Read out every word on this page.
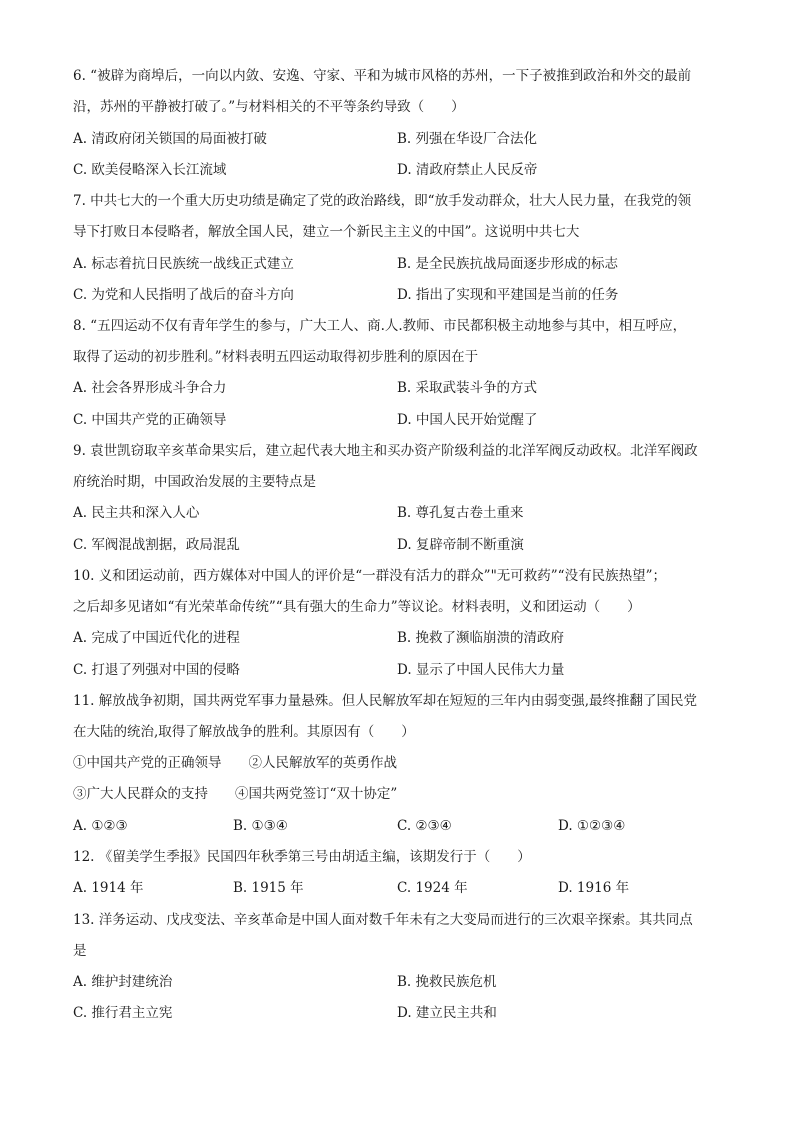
6. “被辟为商埠后，一向以内敛、安逸、守家、平和为城市风格的苏州，一下子被推到政治和外交的最前
沿，苏州的平静被打破了。”与材料相关的不平等条约导致（　　）
A. 清政府闭关锁国的局面被打破	B. 列强在华设厂合法化
C. 欧美侵略深入长江流域	D. 清政府禁止人民反帝
7. 中共七大的一个重大历史功绩是确定了党的政治路线，即“放手发动群众，壮大人民力量，在我党的领
导下打败日本侵略者，解放全国人民，建立一个新民主主义的中国”。这说明中共七大
A. 标志着抗日民族统一战线正式建立	B. 是全民族抗战局面逐步形成的标志
C. 为党和人民指明了战后的奋斗方向	D. 指出了实现和平建国是当前的任务
8. “五四运动不仅有青年学生的参与，广大工人、商.人.教师、市民都积极主动地参与其中，相互呼应，
取得了运动的初步胜利。”材料表明五四运动取得初步胜利的原因在于
A. 社会各界形成斗争合力	B. 采取武装斗争的方式
C. 中国共产党的正确领导	D. 中国人民开始觉醒了
9. 袁世凯窃取辛亥革命果实后，建立起代表大地主和买办资产阶级利益的北洋军阀反动政权。北洋军阀政
府统治时期，中国政治发展的主要特点是
A. 民主共和深入人心	B. 尊孔复古卷土重来
C. 军阀混战割据，政局混乱	D. 复辟帝制不断重演
10. 义和团运动前，西方媒体对中国人的评价是“一群没有活力的群众”"无可救药”“没有民族热望”；
之后却多见诸如“有光荣革命传统”“具有强大的生命力”等议论。材料表明，义和团运动（　　）
A. 完成了中国近代化的进程	B. 挽救了濒临崩溃的清政府
C. 打退了列强对中国的侵略	D. 显示了中国人民伟大力量
11. 解放战争初期，国共两党军事力量悬殊。但人民解放军却在短短的三年内由弱变强,最终推翻了国民党
在大陆的统治,取得了解放战争的胜利。其原因有（　　）
①中国共产党的正确领导　　②人民解放军的英勇作战
③广大人民群众的支持　　④国共两党签订“双十协定”
A. ①②③	B. ①③④	C. ②③④	D. ①②③④
12. 《留美学生季报》民国四年秋季第三号由胡适主编，该期发行于（　　）
A. 1914 年	B. 1915 年	C. 1924 年	D. 1916 年
13. 洋务运动、戊戌变法、辛亥革命是中国人面对数千年未有之大变局而进行的三次艰辛探索。其共同点
是
A. 维护封建统治	B. 挽救民族危机
C. 推行君主立宪	D. 建立民主共和
